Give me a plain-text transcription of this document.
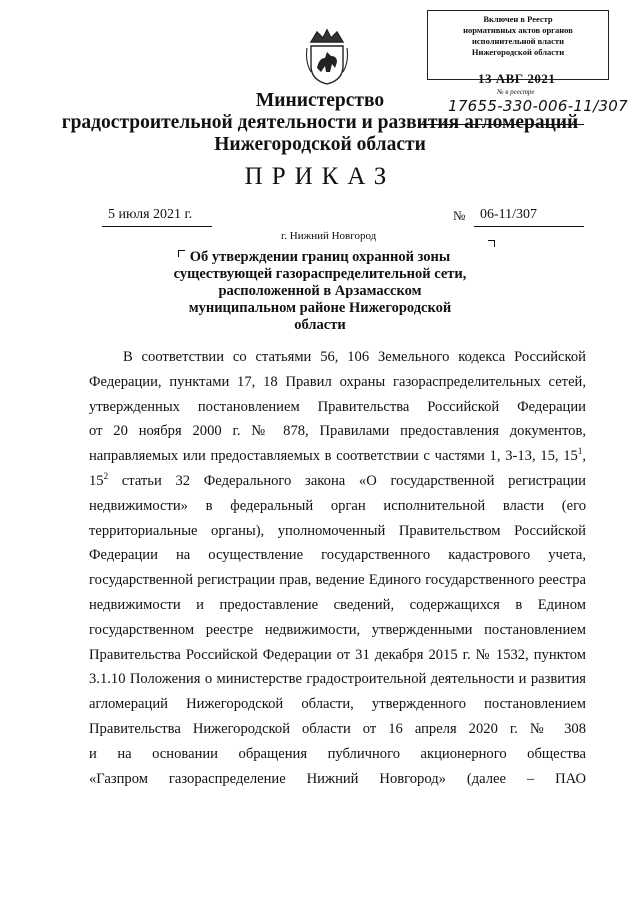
Включен в Реестр
нормативных актов органов
исполнительной власти
Нижегородской области
13 АВГ 2021
№ в реестре
17655-330-006-11/307
Министерство
градостроительной деятельности и развития агломераций
Нижегородской области
ПРИКАЗ
5 июля 2021 г.
г. Нижний Новгород
№ 06-11/307
Об утверждении границ охранной зоны
существующей газораспределительной сети,
расположенной в Арзамасском
муниципальном районе Нижегородской
области
В соответствии со статьями 56, 106 Земельного кодекса Российской
Федерации, пунктами 17, 18 Правил охраны газораспределительных сетей,
утвержденных постановлением Правительства Российской Федерации
от 20 ноября 2000 г. № 878, Правилами предоставления документов,
направляемых или предоставляемых в соответствии с частями 1, 3-13, 15, $15^1$,
$15^2$ статьи 32 Федерального закона «О государственной регистрации
недвижимости» в федеральный орган исполнительной власти (его
территориальные органы), уполномоченный Правительством Российской
Федерации на осуществление государственного кадастрового учета,
государственной регистрации прав, ведение Единого государственного реестра
недвижимости и предоставление сведений, содержащихся в Едином
государственном реестре недвижимости, утвержденными постановлением
Правительства Российской Федерации от 31 декабря 2015 г. № 1532, пунктом
3.1.10 Положения о министерстве градостроительной деятельности и развития
агломераций Нижегородской области, утвержденного постановлением
Правительства Нижегородской области от 16 апреля 2020 г. № 308
и на основании обращения публичного акционерного общества
«Газпром газораспределение Нижний Новгород» (далее – ПАО
